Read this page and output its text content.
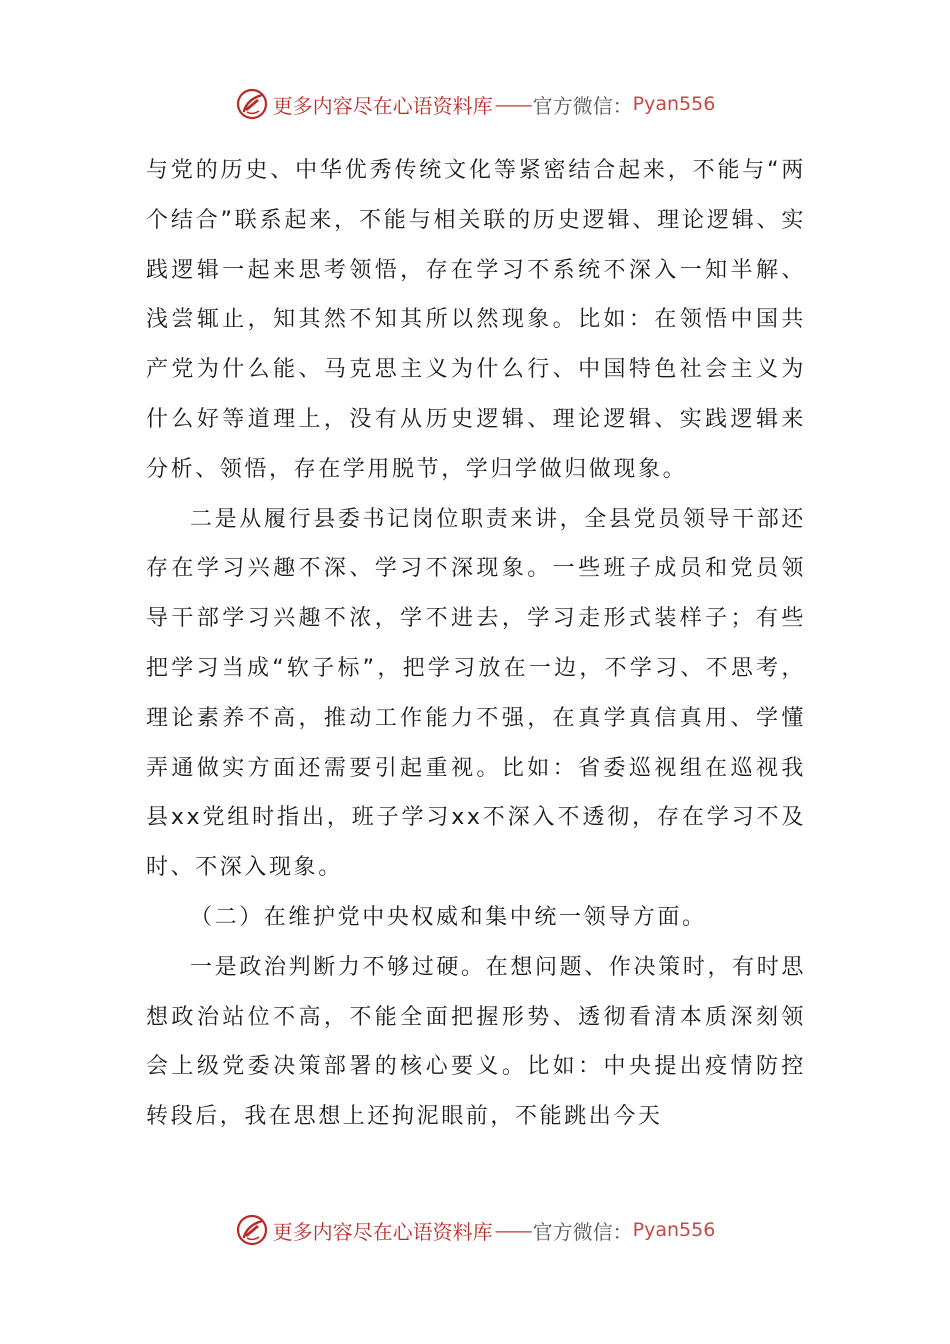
更多内容尽在心语资料库 —— 官方微信： Pyan556

与党的历史、中华优秀传统文化等紧密结合起来，不能与“两个结合”联系起来，不能与相关联的历史逻辑、理论逻辑、实践逻辑一起来思考领悟，存在学习不系统不深入一知半解、浅尝辄止，知其然不知其所以然现象。比如：在领悟中国共产党为什么能、马克思主义为什么行、中国特色社会主义为什么好等道理上，没有从历史逻辑、理论逻辑、实践逻辑来分析、领悟，存在学用脱节，学归学做归做现象。

二是从履行县委书记岗位职责来讲，全县党员领导干部还存在学习兴趣不深、学习不深现象。一些班子成员和党员领导干部学习兴趣不浓，学不进去，学习走形式装样子；有些把学习当成“软子标”，把学习放在一边，不学习、不思考，理论素养不高，推动工作能力不强，在真学真信真用、学懂弄通做实方面还需要引起重视。比如：省委巡视组在巡视我县xx党组时指出，班子学习xx不深入不透彻，存在学习不及时、不深入现象。

（二）在维护党中央权威和集中统一领导方面。

一是政治判断力不够过硬。在想问题、作决策时，有时思想政治站位不高，不能全面把握形势、透彻看清本质深刻领会上级党委决策部署的核心要义。比如：中央提出疫情防控转段后，我在思想上还拘泥眼前，不能跳出今天

更多内容尽在心语资料库 —— 官方微信： Pyan556
